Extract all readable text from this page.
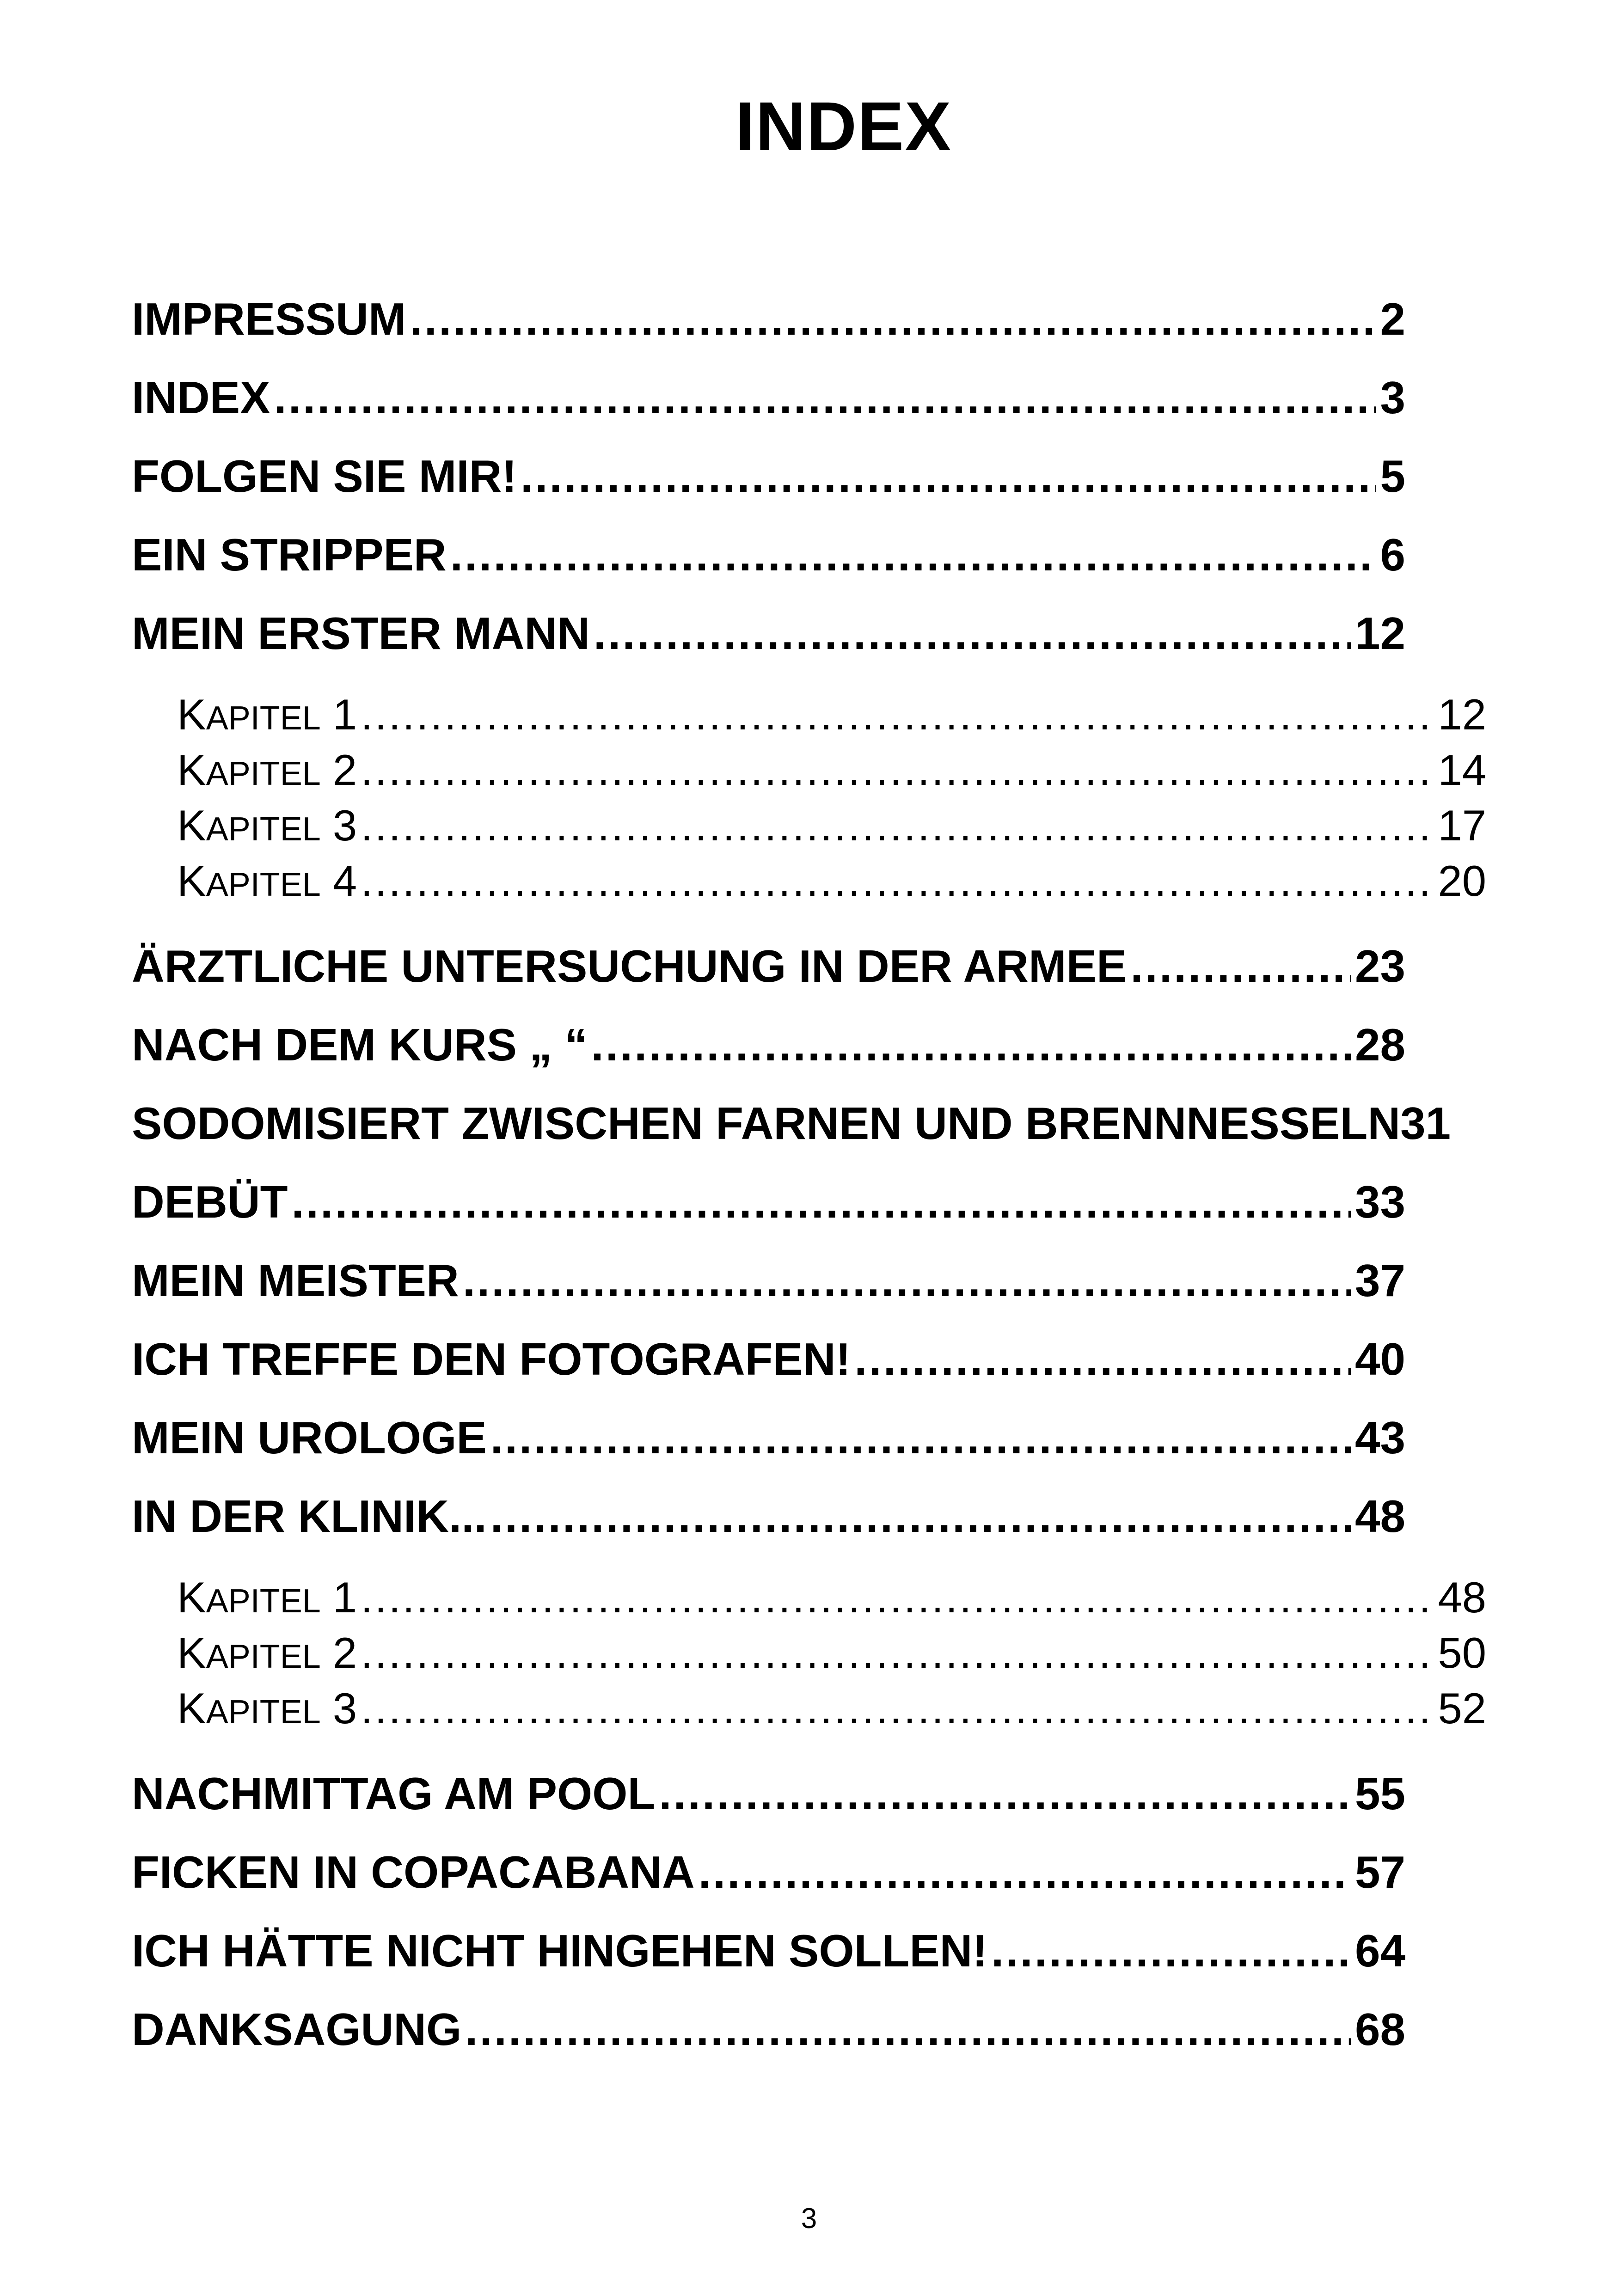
INDEX
IMPRESSUM .....	2
INDEX .....	3
FOLGEN SIE MIR! .....	5
EIN STRIPPER .....	6
MEIN ERSTER MANN .....	12
KAPITEL 1 .....	12
KAPITEL 2 .....	14
KAPITEL 3 .....	17
KAPITEL 4 .....	20
ÄRZTLICHE UNTERSUCHUNG IN DER ARMEE .....	23
NACH DEM KURS „ “ .....	28
SODOMISIERT ZWISCHEN FARNEN UND BRENNNESSELN 31
DEBÜT .....	33
MEIN MEISTER .....	37
ICH TREFFE DEN FOTOGRAFEN! .....	40
MEIN UROLOGE .....	43
IN DER KLINIK... .....	48
KAPITEL 1 .....	48
KAPITEL 2 .....	50
KAPITEL 3 .....	52
NACHMITTAG AM POOL .....	55
FICKEN IN COPACABANA .....	57
ICH HÄTTE NICHT HINGEHEN SOLLEN! .....	64
DANKSAGUNG .....	68
3
